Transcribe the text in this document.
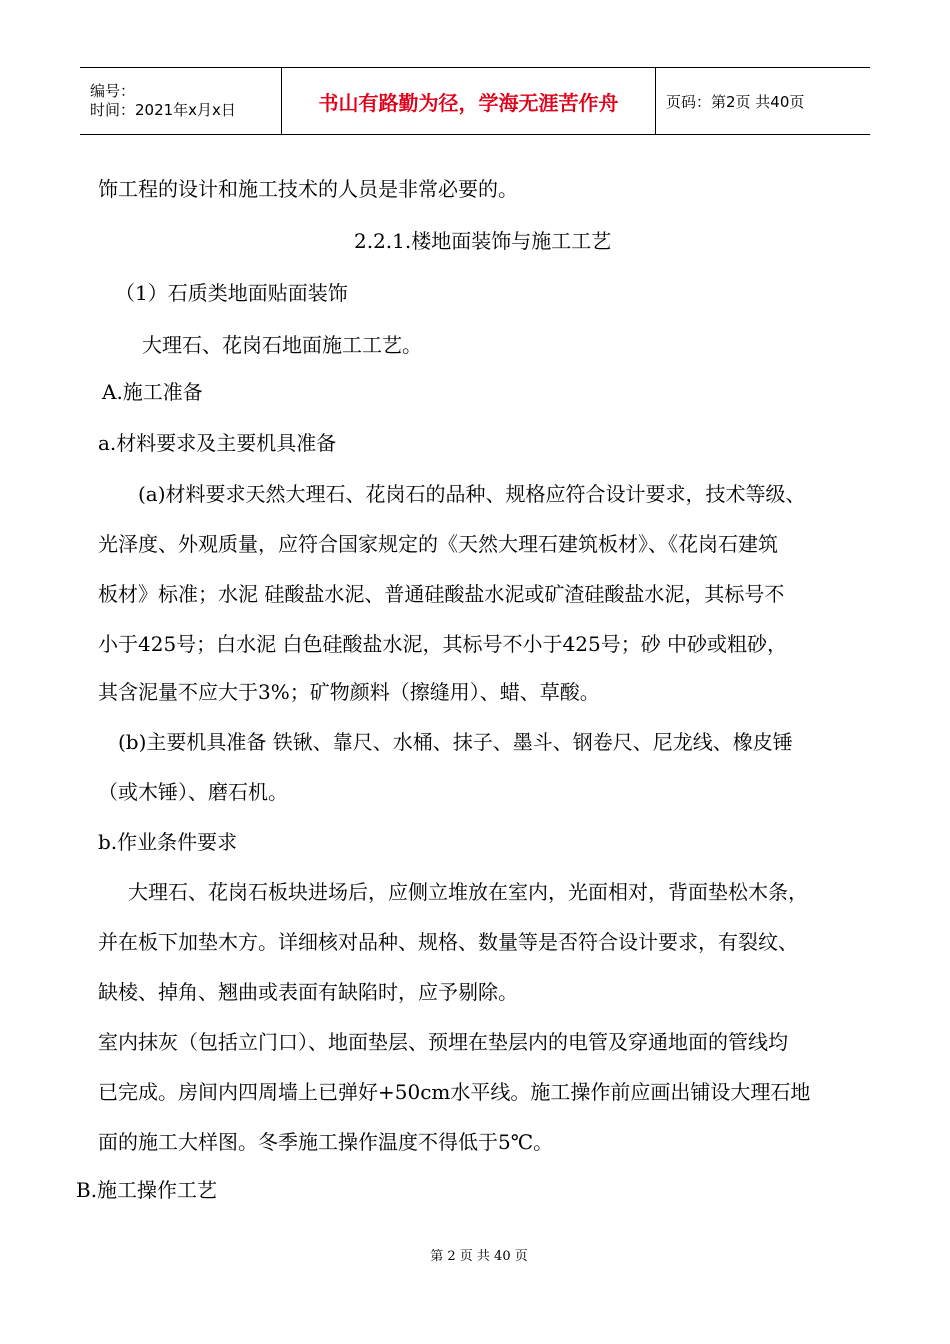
编号：
时间：2021年x月x日	书山有路勤为径，学海无涯苦作舟	页码：第2页 共40页
饰工程的设计和施工技术的人员是非常必要的。
2.2.1.楼地面装饰与施工工艺
（1）石质类地面贴面装饰
大理石、花岗石地面施工工艺。
A.施工准备
a.材料要求及主要机具准备
(a)材料要求天然大理石、花岗石的品种、规格应符合设计要求，技术等级、
光泽度、外观质量，应符合国家规定的《天然大理石建筑板材》、《花岗石建筑
板材》标准；水泥 硅酸盐水泥、普通硅酸盐水泥或矿渣硅酸盐水泥，其标号不
小于425号；白水泥 白色硅酸盐水泥，其标号不小于425号；砂 中砂或粗砂，
其含泥量不应大于3%；矿物颜料（擦缝用）、蜡、草酸。
(b)主要机具准备 铁锹、靠尺、水桶、抹子、墨斗、钢卷尺、尼龙线、橡皮锤
（或木锤）、磨石机。
b.作业条件要求
大理石、花岗石板块进场后，应侧立堆放在室内，光面相对，背面垫松木条，
并在板下加垫木方。详细核对品种、规格、数量等是否符合设计要求，有裂纹、
缺棱、掉角、翘曲或表面有缺陷时，应予剔除。
室内抹灰（包括立门口）、地面垫层、预埋在垫层内的电管及穿通地面的管线均
已完成。房间内四周墙上已弹好+50cm水平线。施工操作前应画出铺设大理石地
面的施工大样图。冬季施工操作温度不得低于5℃。
B.施工操作工艺
第 2 页 共 40 页
